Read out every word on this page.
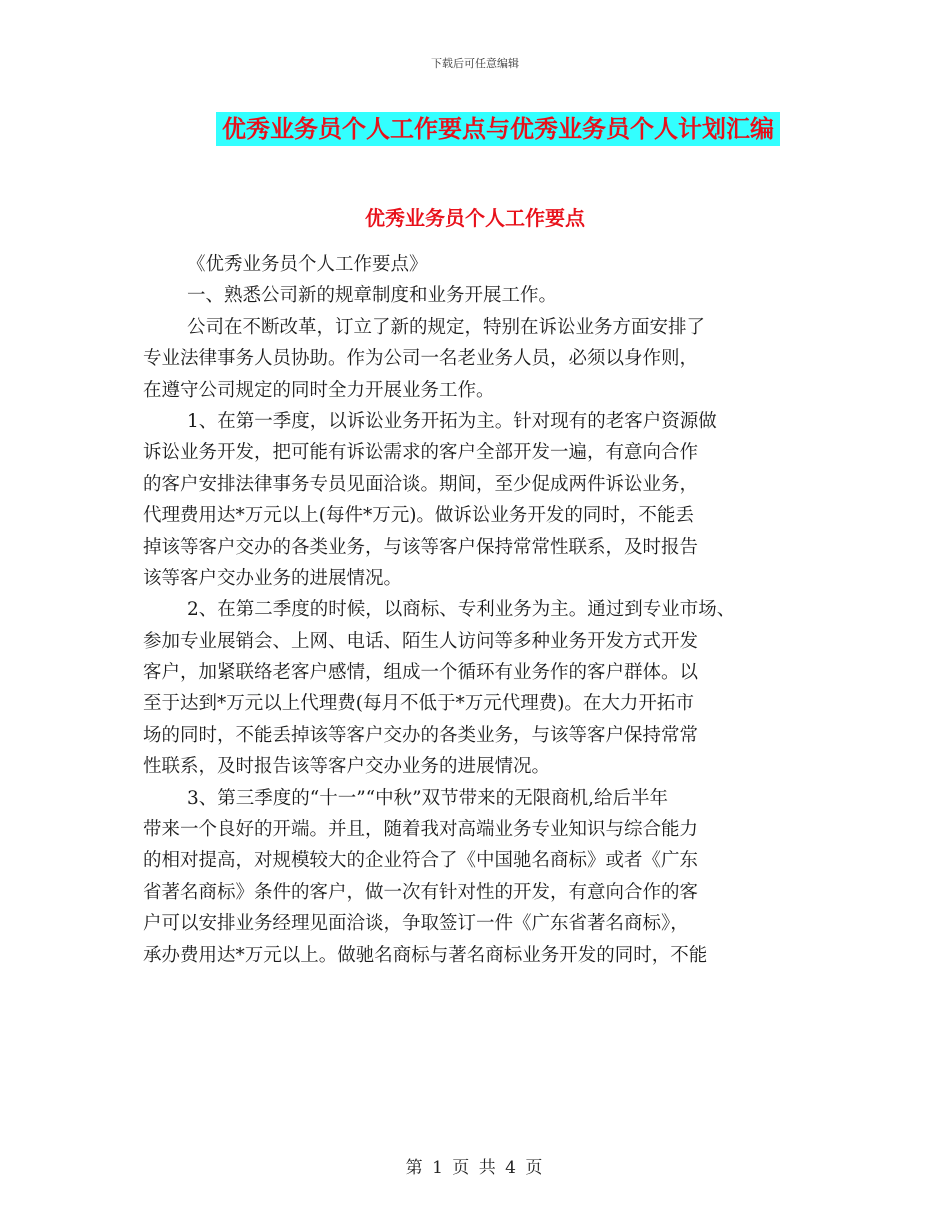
下载后可任意编辑
优秀业务员个人工作要点与优秀业务员个人计划汇编
优秀业务员个人工作要点
《优秀业务员个人工作要点》
一、熟悉公司新的规章制度和业务开展工作。
公司在不断改革，订立了新的规定，特别在诉讼业务方面安排了
专业法律事务人员协助。作为公司一名老业务人员，必须以身作则，
在遵守公司规定的同时全力开展业务工作。
1、在第一季度，以诉讼业务开拓为主。针对现有的老客户资源做
诉讼业务开发，把可能有诉讼需求的客户全部开发一遍，有意向合作
的客户安排法律事务专员见面洽谈。期间，至少促成两件诉讼业务，
代理费用达*万元以上(每件*万元)。做诉讼业务开发的同时，不能丢
掉该等客户交办的各类业务，与该等客户保持常常性联系，及时报告
该等客户交办业务的进展情况。
2、在第二季度的时候，以商标、专利业务为主。通过到专业市场、
参加专业展销会、上网、电话、陌生人访问等多种业务开发方式开发
客户，加紧联络老客户感情，组成一个循环有业务作的客户群体。以
至于达到*万元以上代理费(每月不低于*万元代理费)。在大力开拓市
场的同时，不能丢掉该等客户交办的各类业务，与该等客户保持常常
性联系，及时报告该等客户交办业务的进展情况。
3、第三季度的“十一”“中秋”双节带来的无限商机,给后半年
带来一个良好的开端。并且，随着我对高端业务专业知识与综合能力
的相对提高，对规模较大的企业符合了《中国驰名商标》或者《广东
省著名商标》条件的客户，做一次有针对性的开发，有意向合作的客
户可以安排业务经理见面洽谈，争取签订一件《广东省著名商标》，
承办费用达*万元以上。做驰名商标与著名商标业务开发的同时，不能
第 1 页 共 4 页
